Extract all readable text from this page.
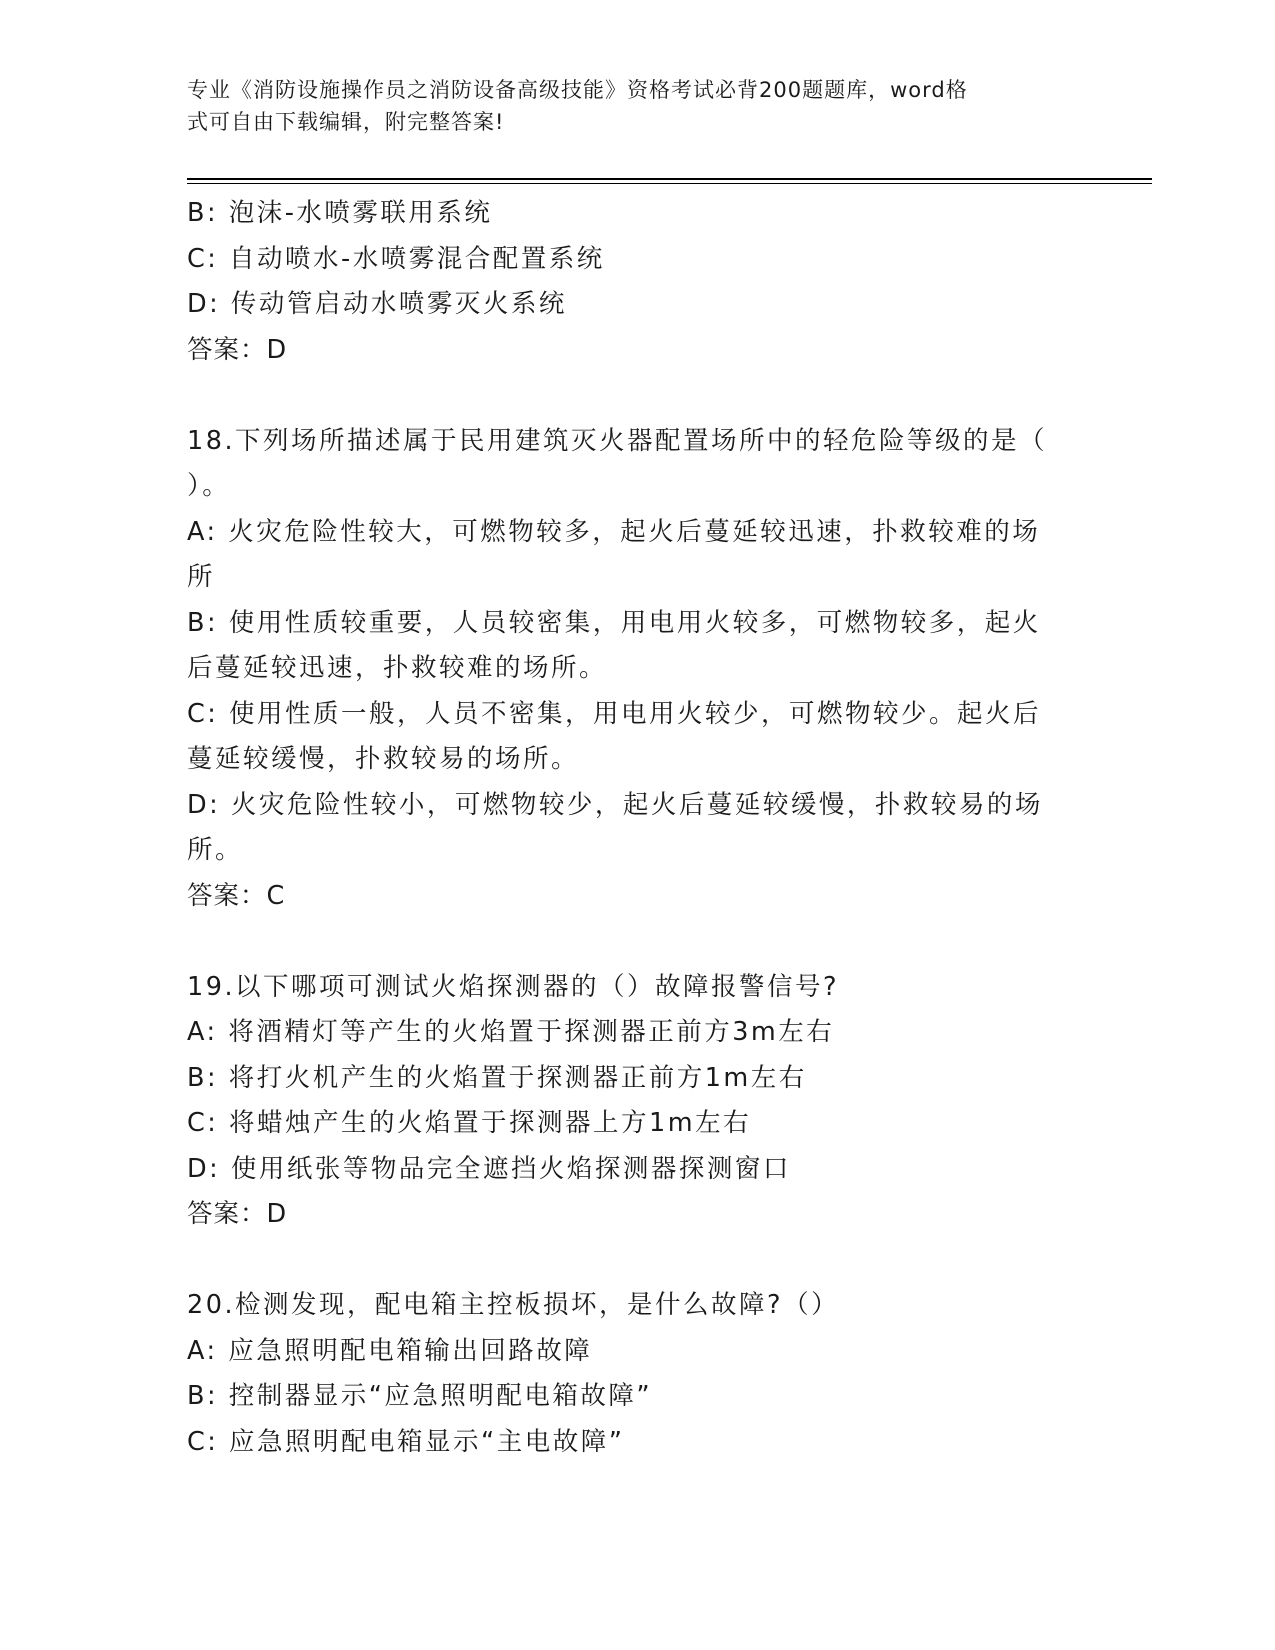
专业《消防设施操作员之消防设备高级技能》资格考试必背200题题库，word格
式可自由下载编辑，附完整答案!
B: 泡沫-水喷雾联用系统
C: 自动喷水-水喷雾混合配置系统
D: 传动管启动水喷雾灭火系统
答案：D
18.下列场所描述属于民用建筑灭火器配置场所中的轻危险等级的是（
）。
A: 火灾危险性较大，可燃物较多，起火后蔓延较迅速，扑救较难的场
所
B: 使用性质较重要，人员较密集，用电用火较多，可燃物较多，起火
后蔓延较迅速，扑救较难的场所。
C: 使用性质一般，人员不密集，用电用火较少，可燃物较少。起火后
蔓延较缓慢，扑救较易的场所。
D: 火灾危险性较小，可燃物较少，起火后蔓延较缓慢，扑救较易的场
所。
答案：C
19.以下哪项可测试火焰探测器的（）故障报警信号?
A: 将酒精灯等产生的火焰置于探测器正前方3m左右
B: 将打火机产生的火焰置于探测器正前方1m左右
C: 将蜡烛产生的火焰置于探测器上方1m左右
D: 使用纸张等物品完全遮挡火焰探测器探测窗口
答案：D
20.检测发现，配电箱主控板损坏，是什么故障?（）
A: 应急照明配电箱输出回路故障
B: 控制器显示“应急照明配电箱故障”
C: 应急照明配电箱显示“主电故障”
